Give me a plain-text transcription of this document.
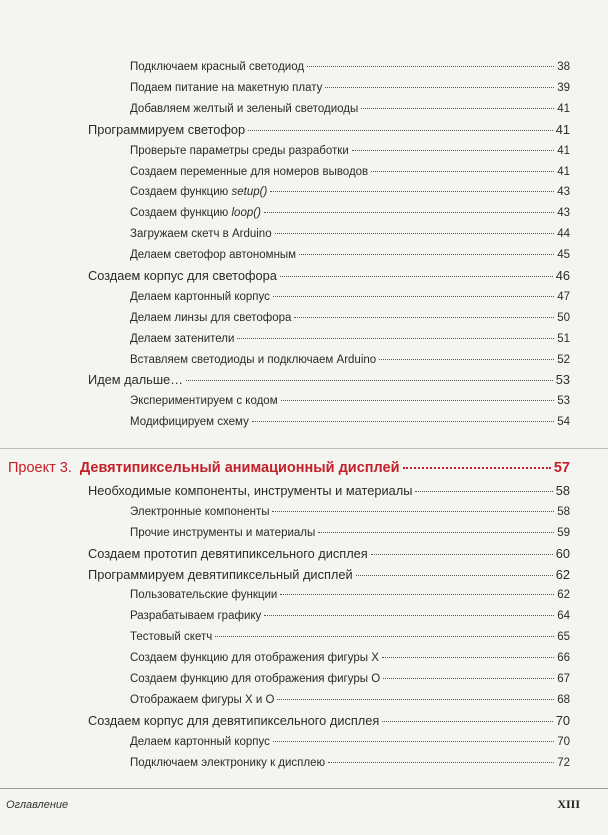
Подключаем красный светодиод	38
Подаем питание на макетную плату	39
Добавляем желтый и зеленый светодиоды	41
Программируем светофор	41
Проверьте параметры среды разработки	41
Создаем переменные для номеров выводов	41
Создаем функцию setup()	43
Создаем функцию loop()	43
Загружаем скетч в Arduino	44
Делаем светофор автономным	45
Создаем корпус для светофора	46
Делаем картонный корпус	47
Делаем линзы для светофора	50
Делаем затенители	51
Вставляем светодиоды и подключаем Arduino	52
Идем дальше…	53
Экспериментируем с кодом	53
Модифицируем схему	54
Проект 3. Девятипиксельный анимационный дисплей	57
Необходимые компоненты, инструменты и материалы	58
Электронные компоненты	58
Прочие инструменты и материалы	59
Создаем прототип девятипиксельного дисплея	60
Программируем девятипиксельный дисплей	62
Пользовательские функции	62
Разрабатываем графику	64
Тестовый скетч	65
Создаем функцию для отображения фигуры X	66
Создаем функцию для отображения фигуры O	67
Отображаем фигуры X и O	68
Создаем корпус для девятипиксельного дисплея	70
Делаем картонный корпус	70
Подключаем электронику к дисплею	72
Оглавление	XIII
